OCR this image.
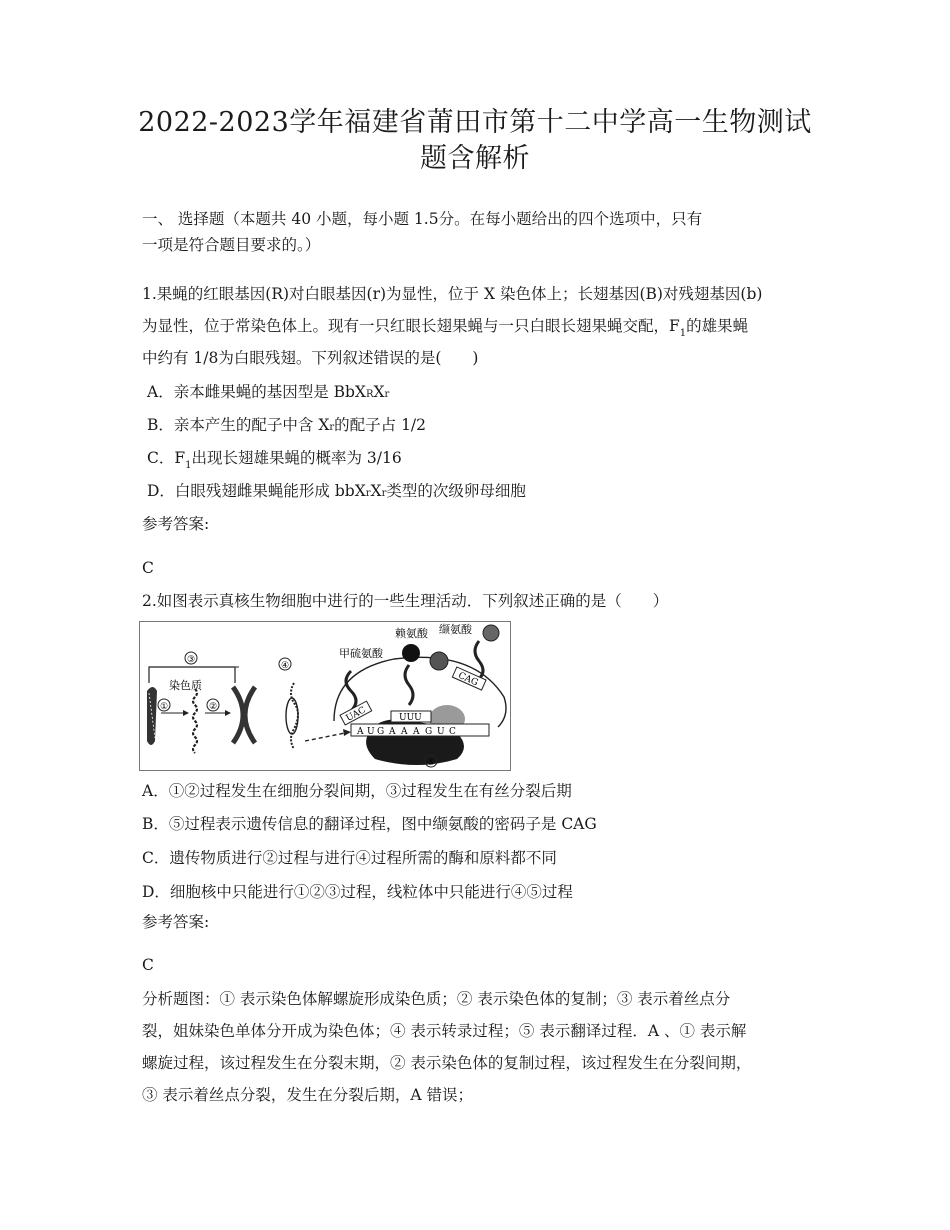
2022-2023学年福建省莆田市第十二中学高一生物测试
题含解析
一、 选择题（本题共 40 小题，每小题 1.5分。在每小题给出的四个选项中，只有
一项是符合题目要求的。）
1.果蝇的红眼基因(R)对白眼基因(r)为显性，位于 X 染色体上；长翅基因(B)对残翅基因(b)
为显性，位于常染色体上。现有一只红眼长翅果蝇与一只白眼长翅果蝇交配，$F_1$的雄果蝇
中约有 1/8为白眼残翅。下列叙述错误的是(　　)
A．亲本雌果蝇的基因型是 BbXRXr
B．亲本产生的配子中含 Xr的配子占 1/2
C．$F_1$出现长翅雄果蝇的概率为 3/16
D．白眼残翅雌果蝇能形成 bbXrXr类型的次级卵母细胞
参考答案:
C
2.如图表示真核生物细胞中进行的一些生理活动．下列叙述正确的是（　　）
③
染色质
①	②
④
A U G A A A G U C
⑤
UAC
甲硫氨酸
UUU
赖氨酸
CAG
缬氨酸
A．①②过程发生在细胞分裂间期，③过程发生在有丝分裂后期
B．⑤过程表示遗传信息的翻译过程，图中缬氨酸的密码子是 CAG
C．遗传物质进行②过程与进行④过程所需的酶和原料都不同
D．细胞核中只能进行①②③过程，线粒体中只能进行④⑤过程
参考答案:
C
分析题图：① 表示染色体解螺旋形成染色质；② 表示染色体的复制；③ 表示着丝点分
裂，姐妹染色单体分开成为染色体；④ 表示转录过程；⑤ 表示翻译过程．A 、① 表示解
螺旋过程，该过程发生在分裂末期，② 表示染色体的复制过程，该过程发生在分裂间期，
③ 表示着丝点分裂，发生在分裂后期，A 错误；
